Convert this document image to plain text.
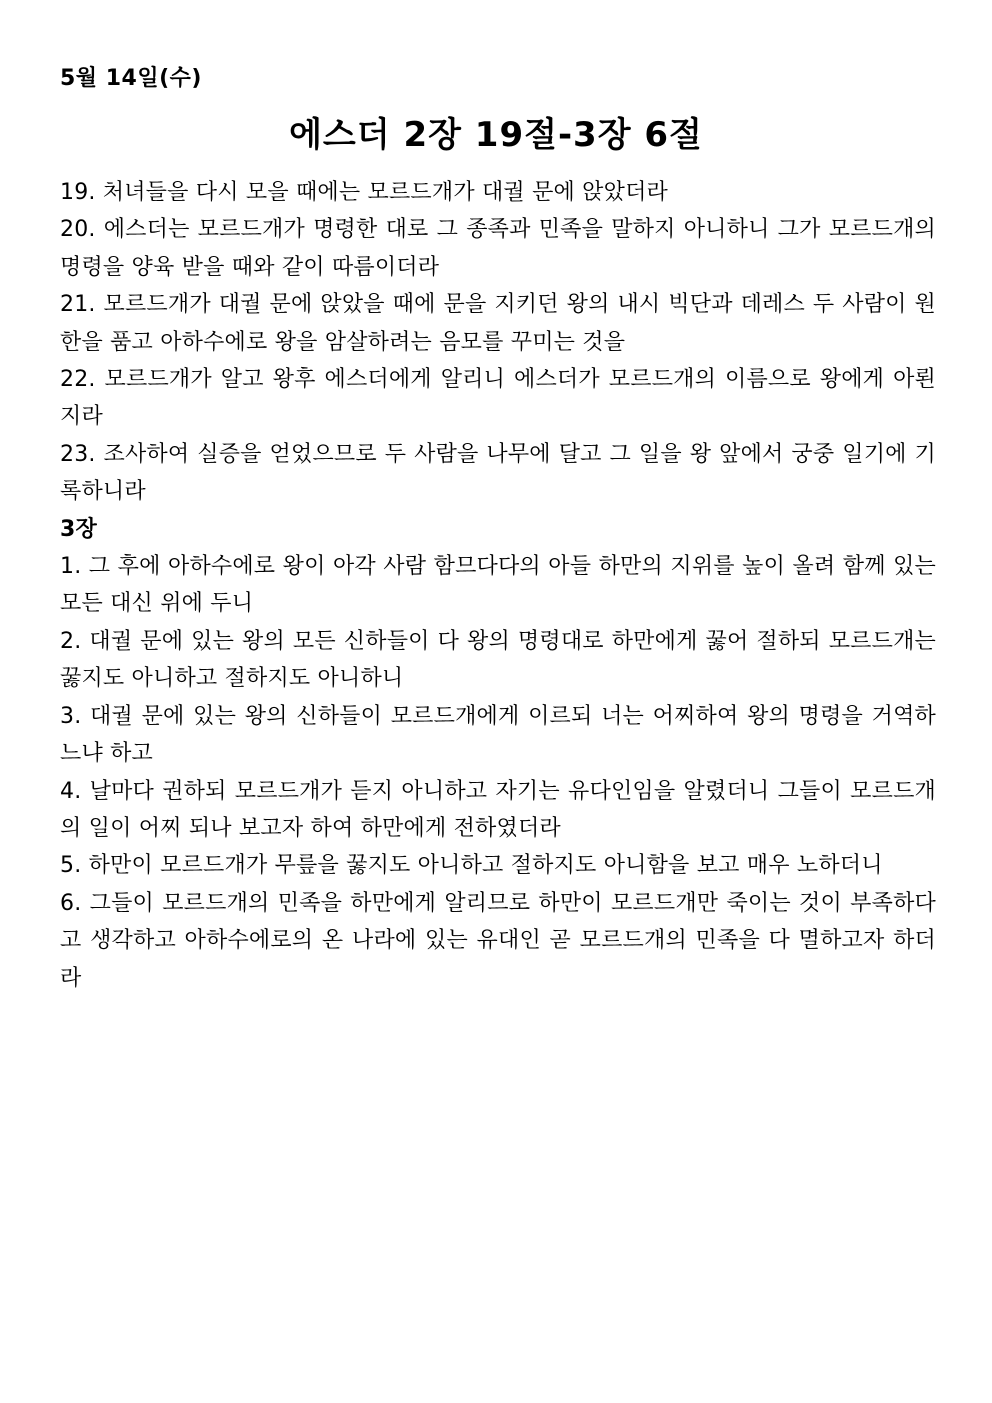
5월 14일(수)
에스더 2장 19절-3장 6절

19. 처녀들을 다시 모을 때에는 모르드개가 대궐 문에 앉았더라

20. 에스더는 모르드개가 명령한 대로 그 종족과 민족을 말하지 아니하니 그가 모르드개의 명령을 양육 받을 때와 같이 따름이더라

21. 모르드개가 대궐 문에 앉았을 때에 문을 지키던 왕의 내시 빅단과 데레스 두 사람이 원한을 품고 아하수에로 왕을 암살하려는 음모를 꾸미는 것을

22. 모르드개가 알고 왕후 에스더에게 알리니 에스더가 모르드개의 이름으로 왕에게 아뢴지라

23. 조사하여 실증을 얻었으므로 두 사람을 나무에 달고 그 일을 왕 앞에서 궁중 일기에 기록하니라

3장

1. 그 후에 아하수에로 왕이 아각 사람 함므다다의 아들 하만의 지위를 높이 올려 함께 있는 모든 대신 위에 두니

2. 대궐 문에 있는 왕의 모든 신하들이 다 왕의 명령대로 하만에게 꿇어 절하되 모르드개는 꿇지도 아니하고 절하지도 아니하니

3. 대궐 문에 있는 왕의 신하들이 모르드개에게 이르되 너는 어찌하여 왕의 명령을 거역하느냐 하고

4. 날마다 권하되 모르드개가 듣지 아니하고 자기는 유다인임을 알렸더니 그들이 모르드개의 일이 어찌 되나 보고자 하여 하만에게 전하였더라

5. 하만이 모르드개가 무릎을 꿇지도 아니하고 절하지도 아니함을 보고 매우 노하더니

6. 그들이 모르드개의 민족을 하만에게 알리므로 하만이 모르드개만 죽이는 것이 부족하다고 생각하고 아하수에로의 온 나라에 있는 유대인 곧 모르드개의 민족을 다 멸하고자 하더라
